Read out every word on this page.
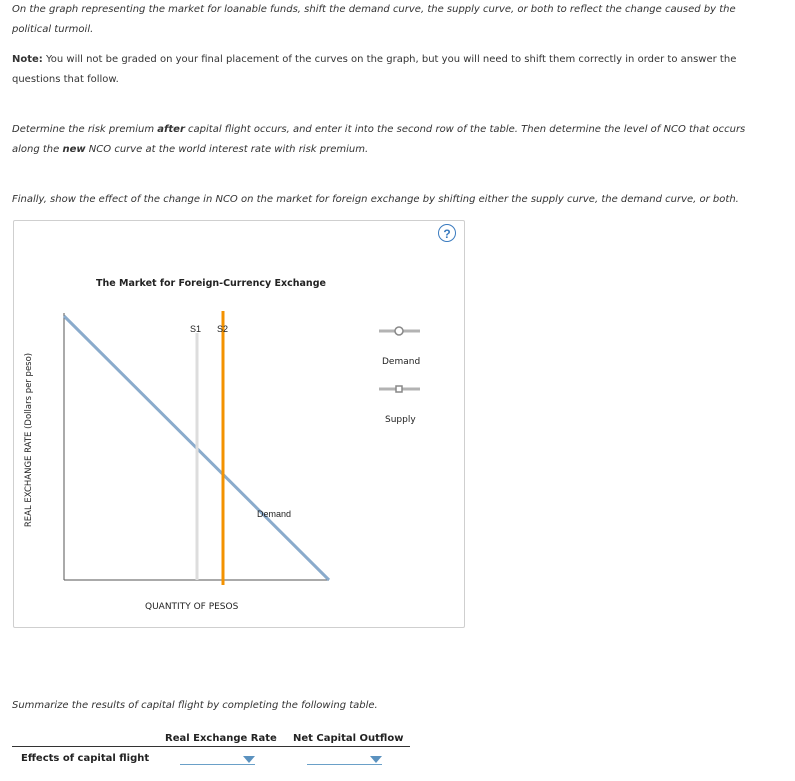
On the graph representing the market for loanable funds, shift the demand curve, the supply curve, or both to reflect the change caused by the political turmoil.

Note: You will not be graded on your final placement of the curves on the graph, but you will need to shift them correctly in order to answer the questions that follow.

Determine the risk premium after capital flight occurs, and enter it into the second row of the table. Then determine the level of NCO that occurs along the new NCO curve at the world interest rate with risk premium.

Finally, show the effect of the change in NCO on the market for foreign exchange by shifting either the supply curve, the demand curve, or both.

?
The Market for Foreign-Currency Exchange
REAL EXCHANGE RATE (Dollars per peso)
QUANTITY OF PESOS
S1 S2
Demand
Demand
Supply
Summarize the results of capital flight by completing the following table.
Real Exchange Rate Net Capital Outflow
Effects of capital flight
